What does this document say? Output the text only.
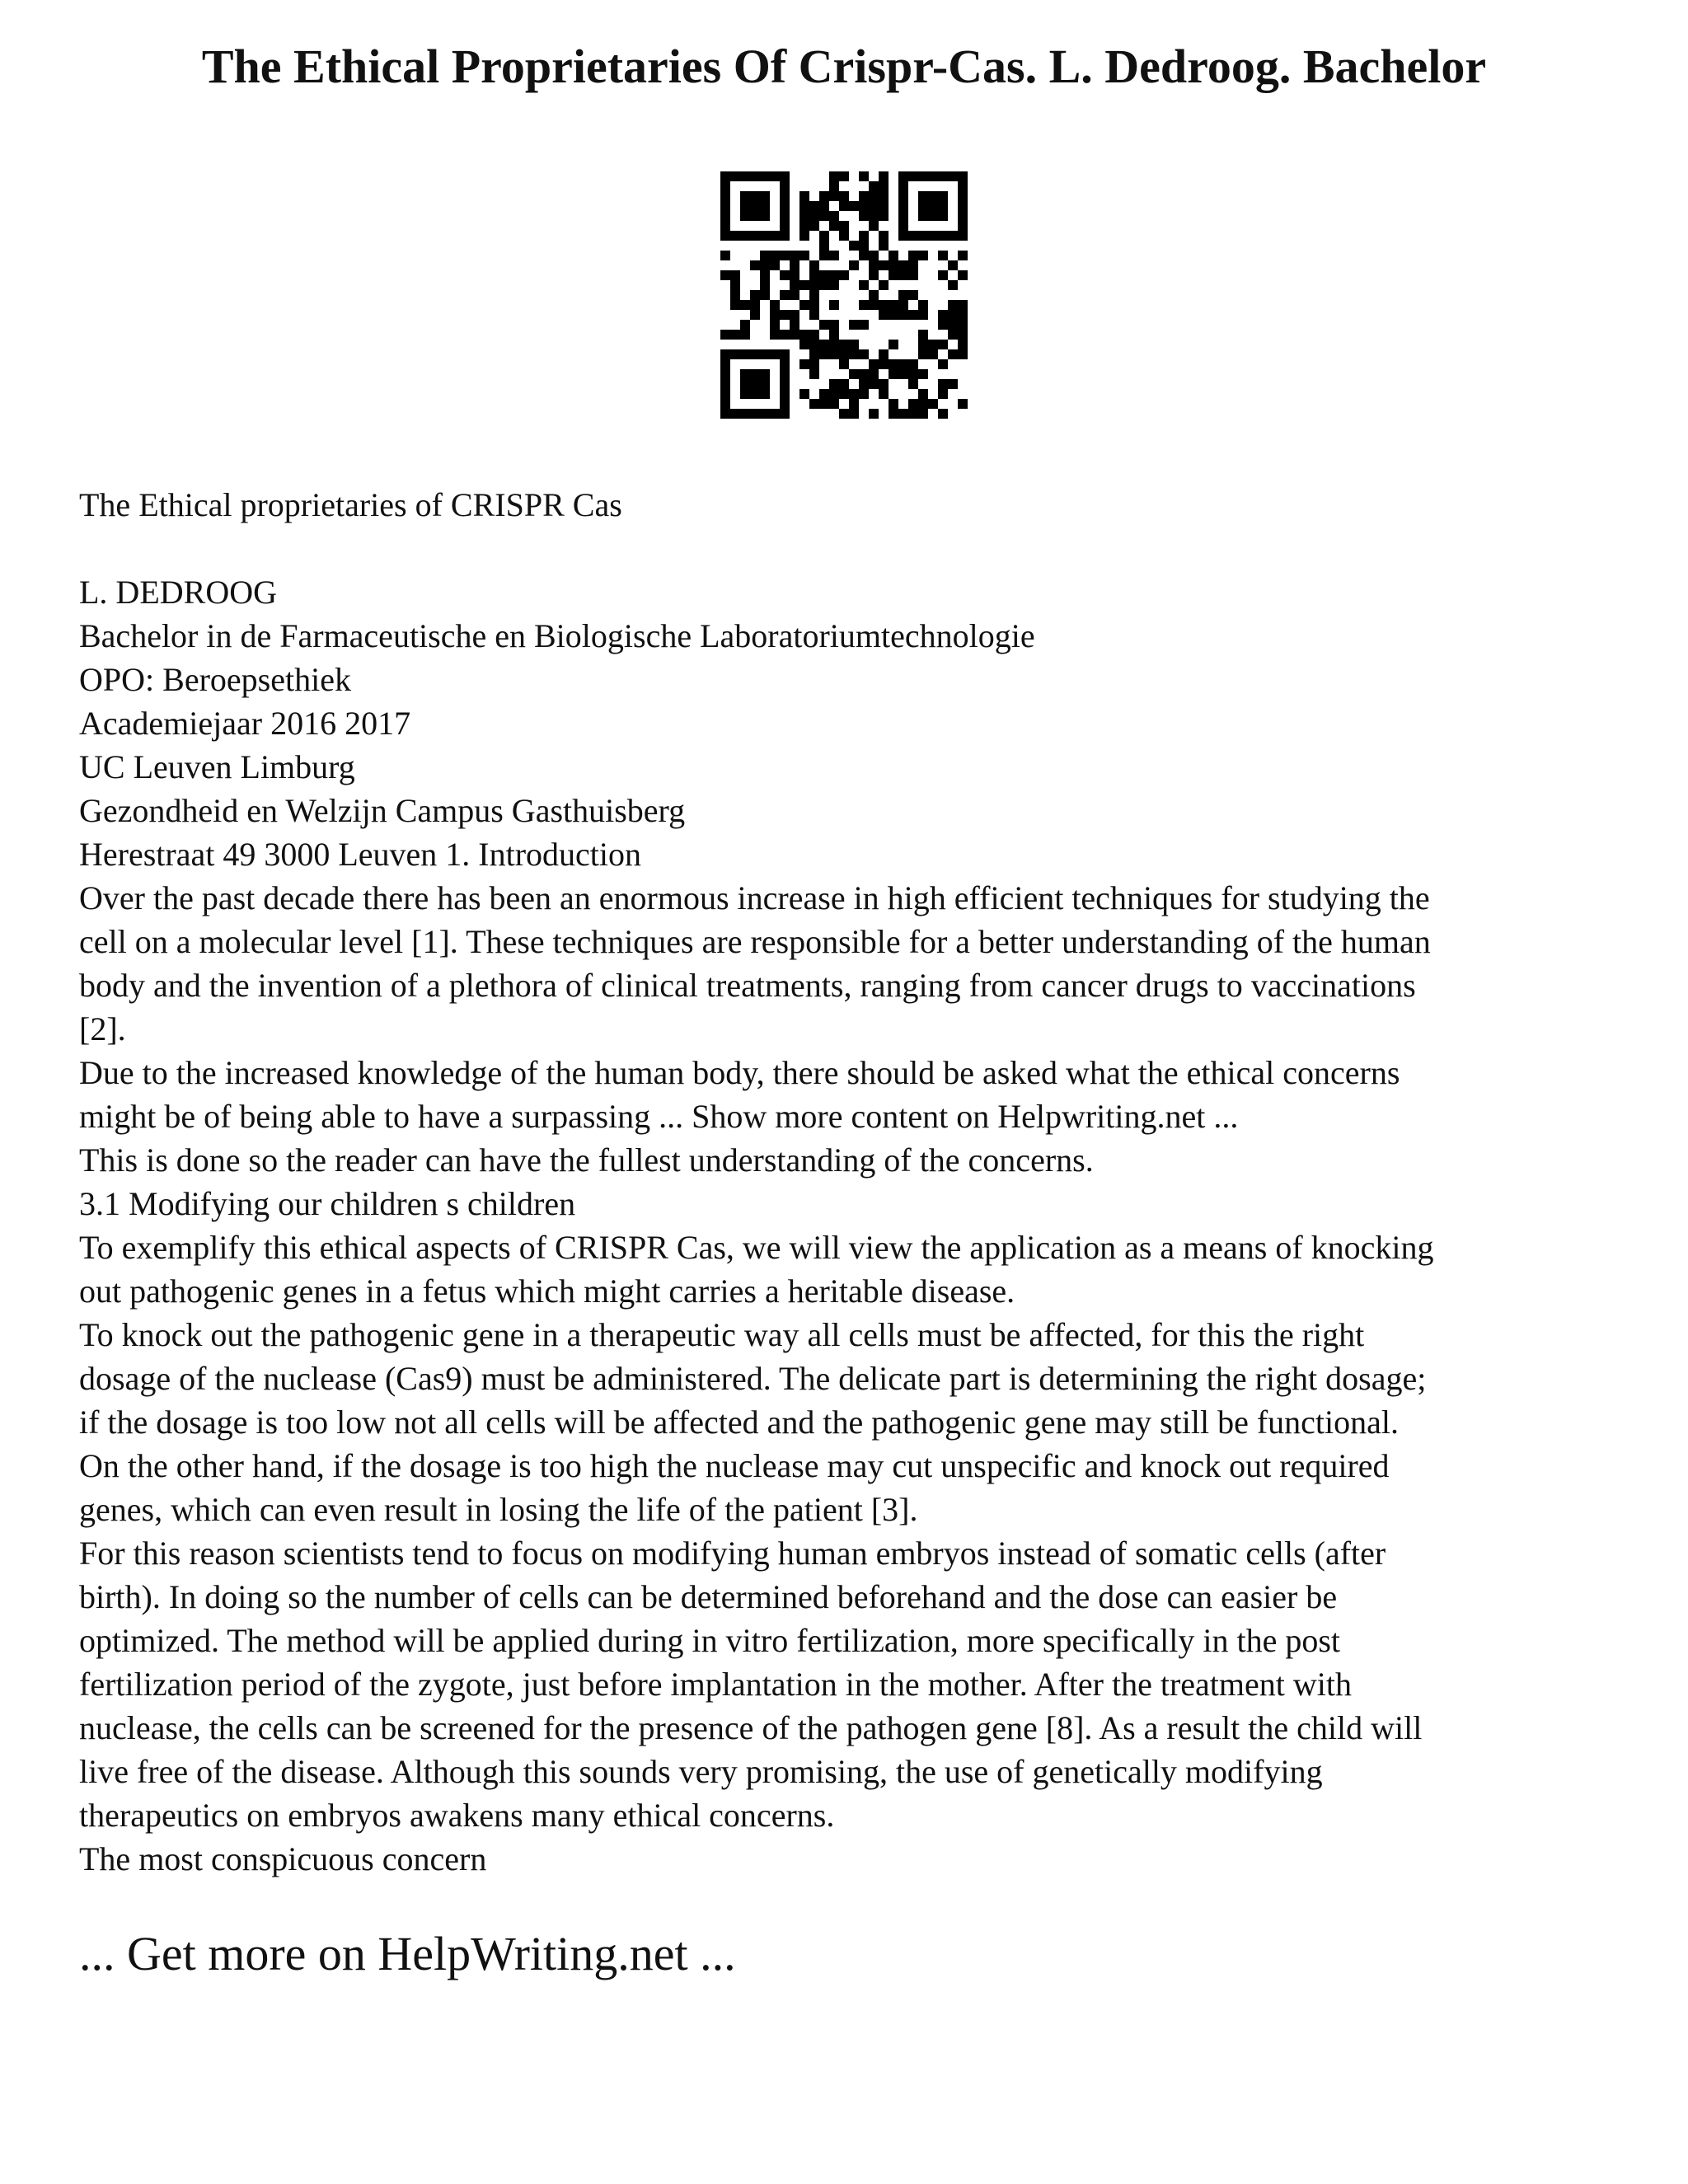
The Ethical Proprietaries Of Crispr-Cas. L. Dedroog. Bachelor

The Ethical proprietaries of CRISPR Cas

L. DEDROOG

Bachelor in de Farmaceutische en Biologische Laboratoriumtechnologie

OPO: Beroepsethiek

Academiejaar 2016 2017

UC Leuven Limburg

Gezondheid en Welzijn Campus Gasthuisberg

Herestraat 49 3000 Leuven 1. Introduction

Over the past decade there has been an enormous increase in high efficient techniques for studying the

cell on a molecular level [1]. These techniques are responsible for a better understanding of the human

body and the invention of a plethora of clinical treatments, ranging from cancer drugs to vaccinations

[2].

Due to the increased knowledge of the human body, there should be asked what the ethical concerns

might be of being able to have a surpassing ... Show more content on Helpwriting.net ...

This is done so the reader can have the fullest understanding of the concerns.

3.1 Modifying our children s children

To exemplify this ethical aspects of CRISPR Cas, we will view the application as a means of knocking

out pathogenic genes in a fetus which might carries a heritable disease.

To knock out the pathogenic gene in a therapeutic way all cells must be affected, for this the right

dosage of the nuclease (Cas9) must be administered. The delicate part is determining the right dosage;

if the dosage is too low not all cells will be affected and the pathogenic gene may still be functional.

On the other hand, if the dosage is too high the nuclease may cut unspecific and knock out required

genes, which can even result in losing the life of the patient [3].

For this reason scientists tend to focus on modifying human embryos instead of somatic cells (after

birth). In doing so the number of cells can be determined beforehand and the dose can easier be

optimized. The method will be applied during in vitro fertilization, more specifically in the post

fertilization period of the zygote, just before implantation in the mother. After the treatment with

nuclease, the cells can be screened for the presence of the pathogen gene [8]. As a result the child will

live free of the disease. Although this sounds very promising, the use of genetically modifying

therapeutics on embryos awakens many ethical concerns.

The most conspicuous concern

... Get more on HelpWriting.net ...
